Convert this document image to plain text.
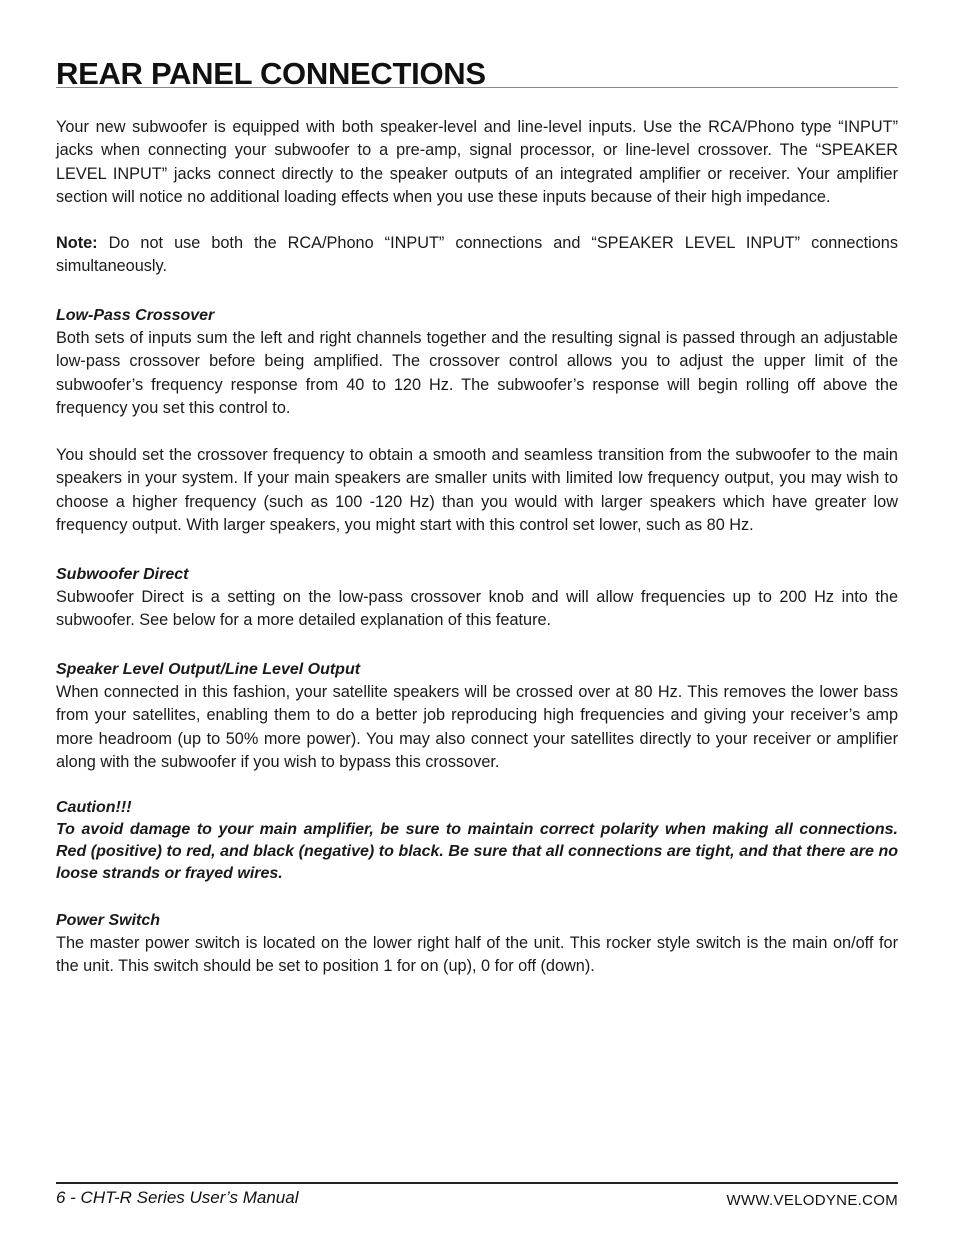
REAR PANEL CONNECTIONS

Your new subwoofer is equipped with both speaker-level and line-level inputs. Use the RCA/Phono type “INPUT” jacks when connecting your subwoofer to a pre-amp, signal processor, or line-level crossover. The “SPEAKER LEVEL INPUT” jacks connect directly to the speaker outputs of an integrated amplifier or receiver. Your amplifier section will notice no additional loading effects when you use these inputs because of their high impedance.

Note: Do not use both the RCA/Phono “INPUT” connections and “SPEAKER LEVEL INPUT” connections simultaneously.

Low-Pass Crossover

Both sets of inputs sum the left and right channels together and the resulting signal is passed through an adjustable low-pass crossover before being amplified. The crossover control allows you to adjust the upper limit of the subwoofer’s frequency response from 40 to 120 Hz. The subwoofer’s response will begin rolling off above the frequency you set this control to.

You should set the crossover frequency to obtain a smooth and seamless transition from the subwoofer to the main speakers in your system. If your main speakers are smaller units with limited low frequency output, you may wish to choose a higher frequency (such as 100 -120 Hz) than you would with larger speakers which have greater low frequency output. With larger speakers, you might start with this control set lower, such as 80 Hz.

Subwoofer Direct

Subwoofer Direct is a setting on the low-pass crossover knob and will allow frequencies up to 200 Hz into the subwoofer. See below for a more detailed explanation of this feature.

Speaker Level Output/Line Level Output

When connected in this fashion, your satellite speakers will be crossed over at 80 Hz. This removes the lower bass from your satellites, enabling them to do a better job reproducing high frequencies and giving your receiver’s amp more headroom (up to 50% more power). You may also connect your satellites directly to your receiver or amplifier along with the subwoofer if you wish to bypass this crossover.

Caution!!!

To avoid damage to your main amplifier, be sure to maintain correct polarity when making all connections. Red (positive) to red, and black (negative) to black. Be sure that all connections are tight, and that there are no loose strands or frayed wires.

Power Switch

The master power switch is located on the lower right half of the unit. This rocker style switch is the main on/off for the unit. This switch should be set to position 1 for on (up), 0 for off (down).

6 - CHT-R Series User’s Manual	WWW.VELODYNE.COM
